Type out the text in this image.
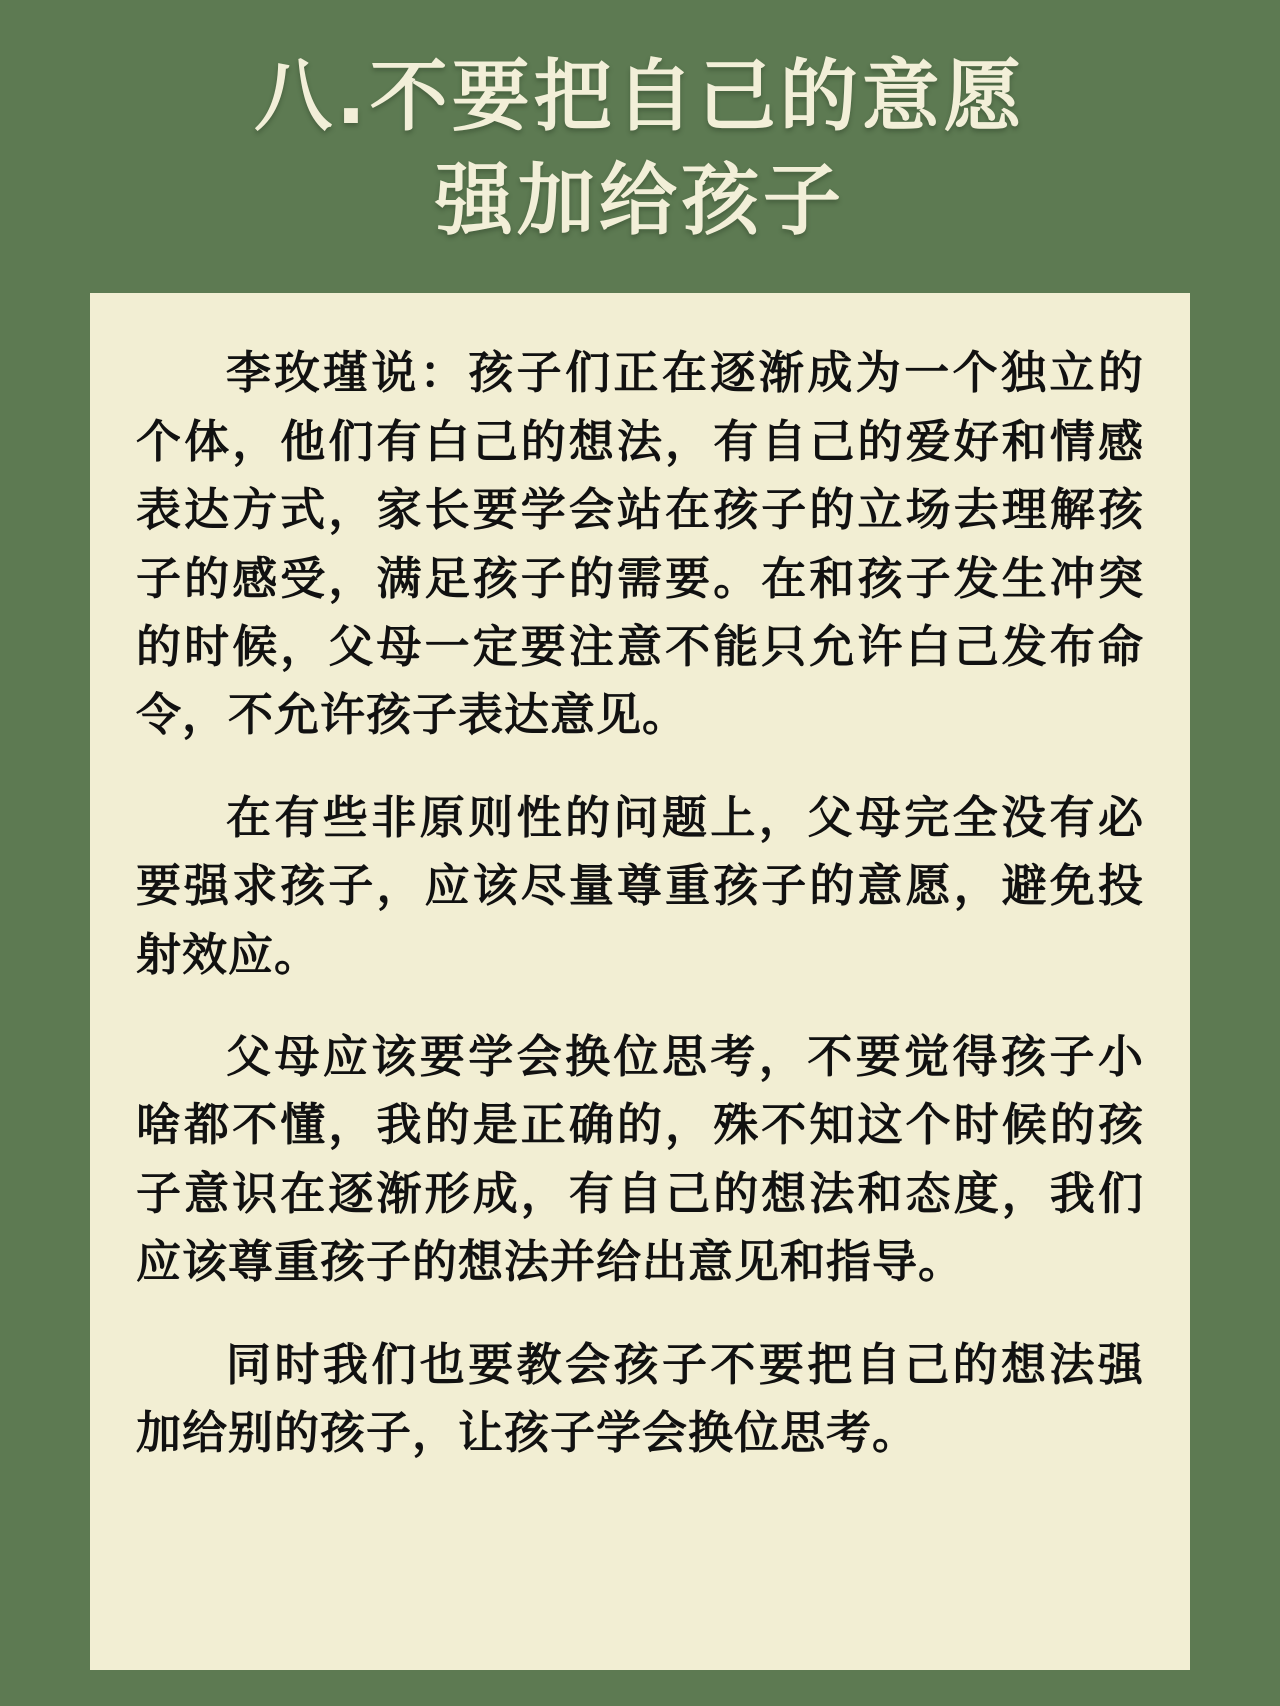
八.不要把自己的意愿
强加给孩子

李玫瑾说：孩子们正在逐渐成为一个独立的个体，他们有白己的想法，有自己的爱好和情感表达方式，家长要学会站在孩子的立场去理解孩子的感受，满足孩子的需要。在和孩子发生冲突的时候，父母一定要注意不能只允许白己发布命令，不允许孩子表达意见。

在有些非原则性的问题上，父母完全没有必要强求孩子，应该尽量尊重孩子的意愿，避免投射效应。

父母应该要学会换位思考，不要觉得孩子小啥都不懂，我的是正确的，殊不知这个时候的孩子意识在逐渐形成，有自己的想法和态度，我们应该尊重孩子的想法并给出意见和指导。

同时我们也要教会孩子不要把自己的想法强加给别的孩子，让孩子学会换位思考。
